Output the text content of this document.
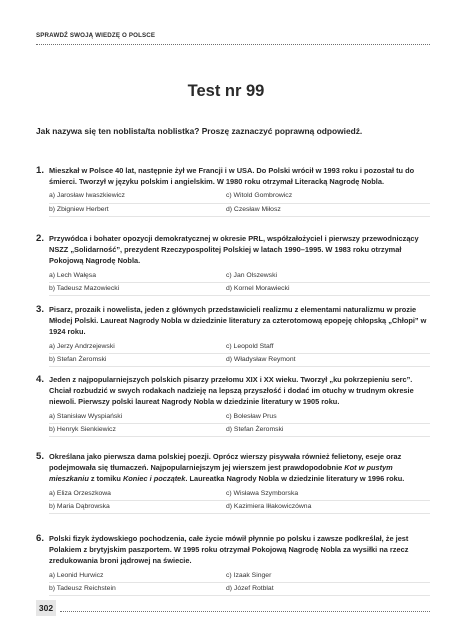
SPRAWDŹ SWOJĄ WIEDZĘ O POLSCE
Test nr 99
Jak nazywa się ten noblista/ta noblistka? Proszę zaznaczyć poprawną odpowiedź.
1. Mieszkał w Polsce 40 lat, następnie żył we Francji i w USA. Do Polski wrócił w 1993 roku i pozostał tu do śmierci. Tworzył w języku polskim i angielskim. W 1980 roku otrzymał Literacką Nagrodę Nobla.
a) Jarosław Iwaszkiewicz	c) Witold Gombrowicz
b) Zbigniew Herbert	d) Czesław Miłosz
2. Przywódca i bohater opozycji demokratycznej w okresie PRL, współzałożyciel i pierwszy przewodniczący NSZZ „Solidarność”, prezydent Rzeczypospolitej Polskiej w latach 1990–1995. W 1983 roku otrzymał Pokojową Nagrodę Nobla.
a) Lech Wałęsa	c) Jan Olszewski
b) Tadeusz Mazowiecki	d) Kornel Morawiecki
3. Pisarz, prozaik i nowelista, jeden z głównych przedstawicieli realizmu z elementami naturalizmu w prozie Młodej Polski. Laureat Nagrody Nobla w dziedzinie literatury za czterotomową epopeję chłopską „Chłopi” w 1924 roku.
a) Jerzy Andrzejewski	c) Leopold Staff
b) Stefan Żeromski	d) Władysław Reymont
4. Jeden z najpopularniejszych polskich pisarzy przełomu XIX i XX wieku. Tworzył „ku pokrzepieniu serc”. Chciał rozbudzić w swych rodakach nadzieję na lepszą przyszłość i dodać im otuchy w trudnym okresie niewoli. Pierwszy polski laureat Nagrody Nobla w dziedzinie literatury w 1905 roku.
a) Stanisław Wyspiański	c) Bolesław Prus
b) Henryk Sienkiewicz	d) Stefan Żeromski
5. Określana jako pierwsza dama polskiej poezji. Oprócz wierszy pisywała również felietony, eseje oraz podejmowała się tłumaczeń. Najpopularniejszym jej wierszem jest prawdopodobnie Kot w pustym mieszkaniu z tomiku Koniec i początek. Laureatka Nagrody Nobla w dziedzinie literatury w 1996 roku.
a) Eliza Orzeszkowa	c) Wisława Szymborska
b) Maria Dąbrowska	d) Kazimiera Iłłakowiczówna
6. Polski fizyk żydowskiego pochodzenia, całe życie mówił płynnie po polsku i zawsze podkreślał, że jest Polakiem z brytyjskim paszportem. W 1995 roku otrzymał Pokojową Nagrodę Nobla za wysiłki na rzecz zredukowania broni jądrowej na świecie.
a) Leonid Hurwicz	c) Izaak Singer
b) Tadeusz Reichstein	d) Józef Rotblat
302
